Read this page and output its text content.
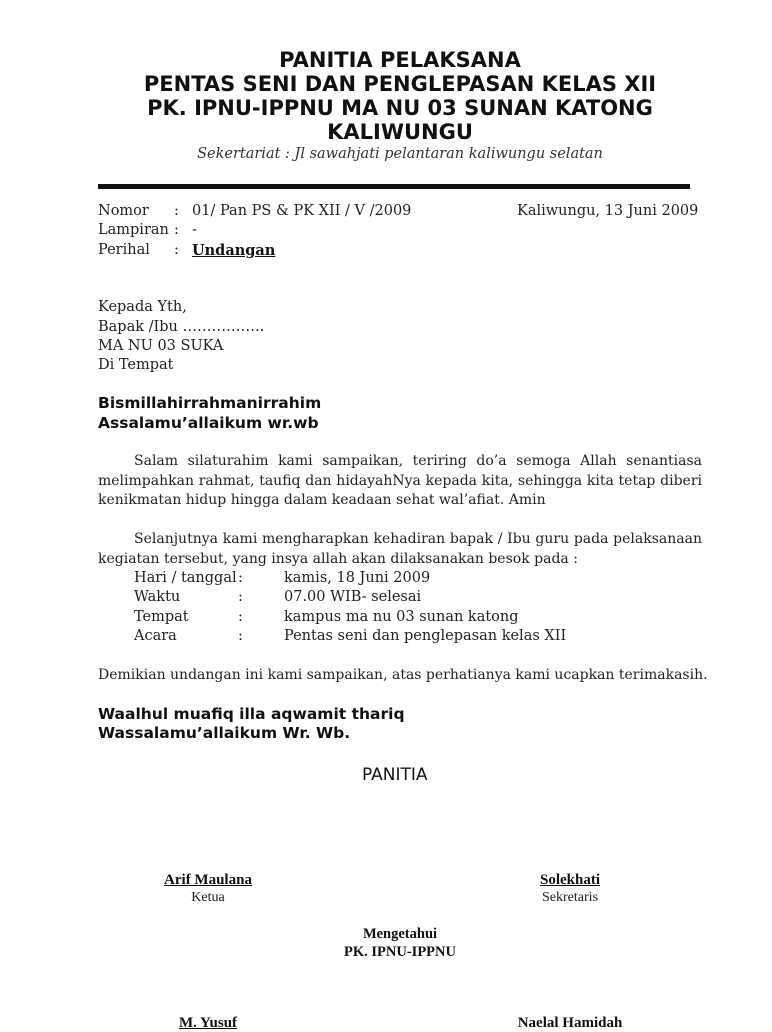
PANITIA PELAKSANA
PENTAS SENI DAN PENGLEPASAN KELAS XII
PK. IPNU-IPPNU MA NU 03 SUNAN KATONG
KALIWUNGU
Sekertariat : Jl sawahjati pelantaran kaliwungu selatan
Nomor : 01/ Pan PS & PK XII / V /2009	Kaliwungu, 13 Juni 2009
Lampiran : -
Perihal : Undangan
Kepada Yth,
Bapak /Ibu ……………..
MA NU 03 SUKA
Di Tempat
Bismillahirrahmanirrahim
Assalamu’allaikum wr.wb
Salam silaturahim kami sampaikan, teriring do’a semoga Allah senantiasa melimpahkan rahmat, taufiq dan hidayahNya kepada kita, sehingga kita tetap diberi kenikmatan hidup hingga dalam keadaan sehat wal’afiat. Amin
Selanjutnya kami mengharapkan kehadiran bapak / Ibu guru pada pelaksanaan kegiatan tersebut, yang insya allah akan dilaksanakan besok pada :
Hari / tanggal :	kamis, 18 Juni 2009
Waktu	:	07.00 WIB- selesai
Tempat	:	kampus ma nu 03 sunan katong
Acara	:	Pentas seni dan penglepasan kelas XII
Demikian undangan ini kami sampaikan, atas perhatianya kami ucapkan terimakasih.
Waalhul muafiq illa aqwamit thariq
Wassalamu’allaikum Wr. Wb.
PANITIA
Arif Maulana
Ketua
Solekhati
Sekretaris
Mengetahui
PK. IPNU-IPPNU
M. Yusuf	Naelal Hamidah
